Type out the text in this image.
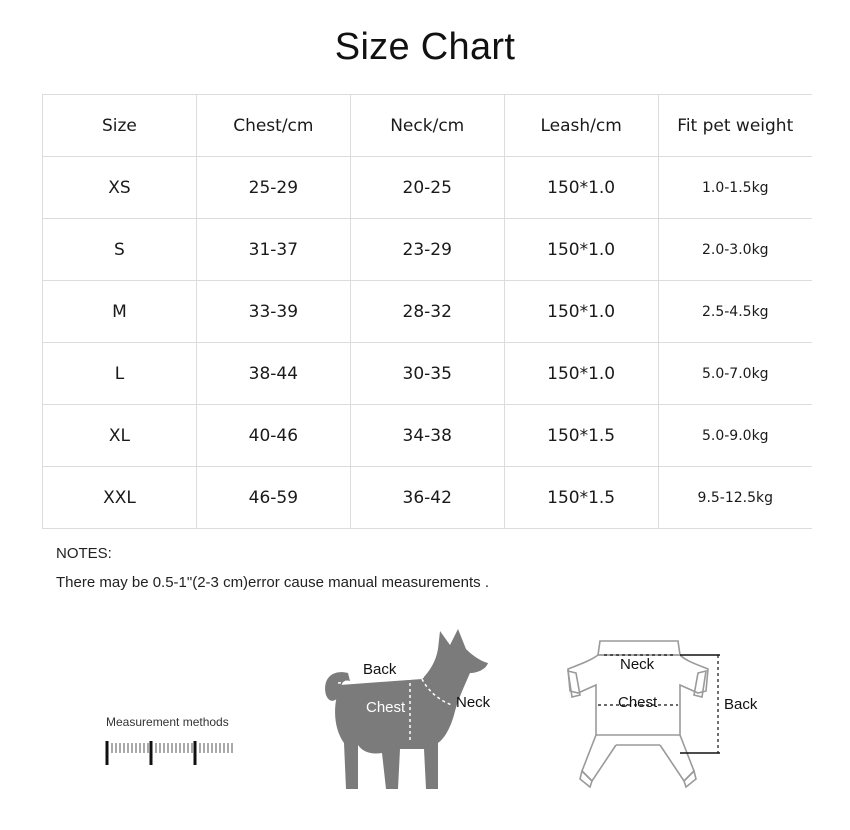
Size Chart
Size	Chest/cm	Neck/cm	Leash/cm	Fit pet weight
XS	25-29	20-25	150*1.0	1.0-1.5kg
S	31-37	23-29	150*1.0	2.0-3.0kg
M	33-39	28-32	150*1.0	2.5-4.5kg
L	38-44	30-35	150*1.0	5.0-7.0kg
XL	40-46	34-38	150*1.5	5.0-9.0kg
XXL	46-59	36-42	150*1.5	9.5-12.5kg
NOTES:
There may be 0.5-1"(2-3 cm)error cause manual measurements .
Measurement methods
Back
Chest	Neck
Neck
Chest	Back
